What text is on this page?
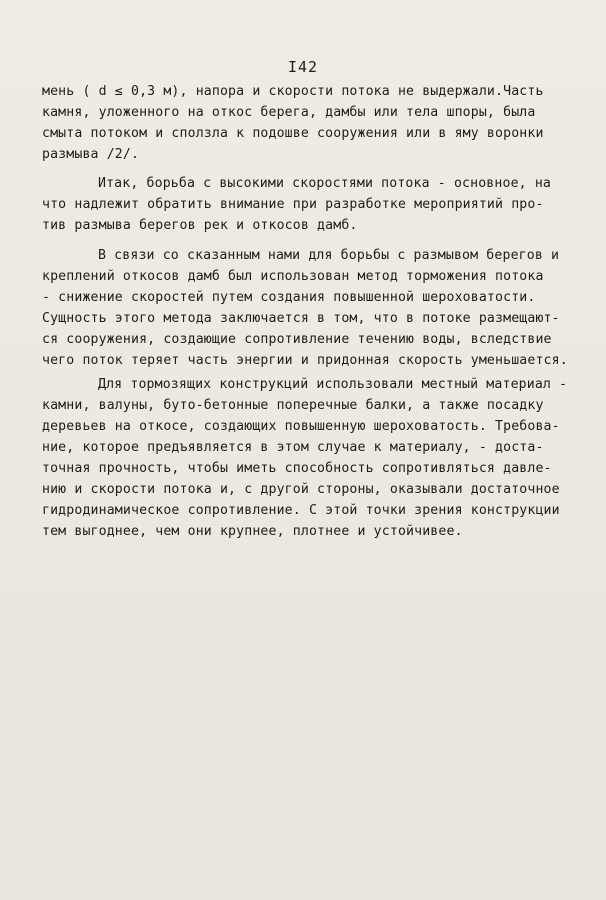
I42
мень ( d ≤ 0,3 м), напора и скорости потока не выдержали.Часть
камня, уложенного на откос берега, дамбы или тела шпоры, была
смыта потоком и сползла к подошве сооружения или в яму воронки
размыва /2/.
Итак, борьба с высокими скоростями потока - основное, на
что надлежит обратить внимание при разработке мероприятий про-
тив размыва берегов рек и откосов дамб.
В связи со сказанным нами для борьбы с размывом берегов и
креплений откосов дамб был использован метод торможения потока
- снижение скоростей путем создания повышенной шероховатости.
Сущность этого метода заключается в том, что в потоке размещают-
ся сооружения, создающие сопротивление течению воды, вследствие
чего поток теряет часть энергии и придонная скорость уменьшается.
Для тормозящих конструкций использовали местный материал -
камни, валуны, буто-бетонные поперечные балки, а также посадку
деревьев на откосе, создающих повышенную шероховатость. Требова-
ние, которое предъявляется в этом случае к материалу, - доста-
точная прочность, чтобы иметь способность сопротивляться давле-
нию и скорости потока и, с другой стороны, оказывали достаточное
гидродинамическое сопротивление. С этой точки зрения конструкции
тем выгоднее, чем они крупнее, плотнее и устойчивее.
